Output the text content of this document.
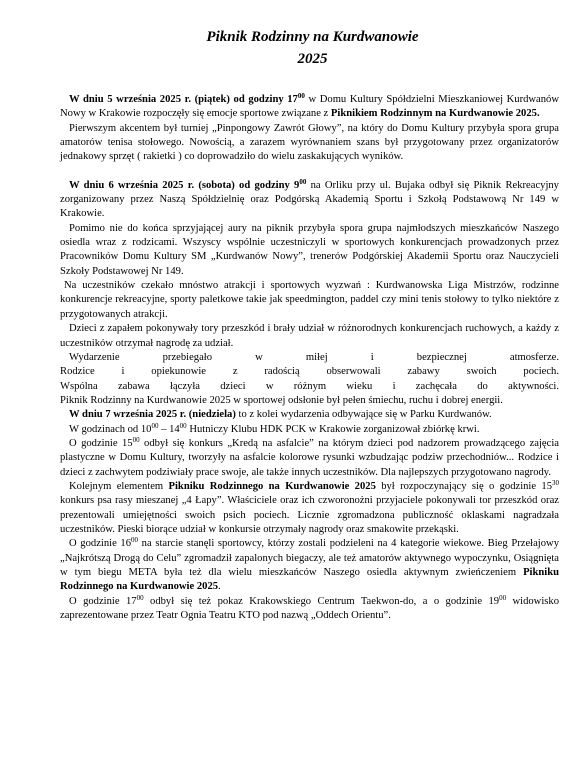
Piknik Rodzinny na Kurdwanowie
2025

W dniu 5 września 2025 r. (piątek) od godziny $17^{00}$ w Domu Kultury Spółdzielni Mieszkaniowej Kurdwanów Nowy w Krakowie rozpoczęły się emocje sportowe związane z Piknikiem Rodzinnym na Kurdwanowie 2025.

Pierwszym akcentem był turniej „Pinpongowy Zawrót Głowy”, na który do Domu Kultury przybyła spora grupa amatorów tenisa stołowego. Nowością, a zarazem wyrównaniem szans był przygotowany przez organizatorów jednakowy sprzęt ( rakietki ) co doprowadziło do wielu zaskakujących wyników.

W dniu 6 września 2025 r. (sobota) od godziny $9^{00}$ na Orliku przy ul. Bujaka odbył się Piknik Rekreacyjny zorganizowany przez Naszą Spółdzielnię oraz Podgórską Akademią Sportu i Szkołą Podstawową Nr 149 w Krakowie.

Pomimo nie do końca sprzyjającej aury na piknik przybyła spora grupa najmłodszych mieszkańców Naszego osiedla wraz z rodzicami. Wszyscy wspólnie uczestniczyli w sportowych konkurencjach prowadzonych przez Pracowników Domu Kultury SM „Kurdwanów Nowy”, trenerów Podgórskiej Akademii Sportu oraz Nauczycieli Szkoły Podstawowej Nr 149.

Na uczestników czekało mnóstwo atrakcji i sportowych wyzwań : Kurdwanowska Liga Mistrzów, rodzinne konkurencje rekreacyjne, sporty paletkowe takie jak speedmington, paddel czy mini tenis stołowy to tylko niektóre z przygotowanych atrakcji.

Dzieci z zapałem pokonywały tory przeszkód i brały udział w różnorodnych konkurencjach ruchowych, a każdy z uczestników otrzymał nagrodę za udział.

Wydarzenie przebiegało w miłej i bezpiecznej atmosferze.

Rodzice i opiekunowie z radością obserwowali zabawy swoich pociech.

Wspólna zabawa łączyła dzieci w różnym wieku i zachęcała do aktywności.

Piknik Rodzinny na Kurdwanowie 2025 w sportowej odsłonie był pełen śmiechu, ruchu i dobrej energii.

W dniu 7 września 2025 r. (niedziela) to z kolei wydarzenia odbywające się w Parku Kurdwanów.

W godzinach od $10^{00} - 14^{00}$ Hutniczy Klubu HDK PCK w Krakowie zorganizował zbiórkę krwi.

O godzinie $15^{00}$ odbył się konkurs „Kredą na asfalcie” na którym dzieci pod nadzorem prowadzącego zajęcia plastyczne w Domu Kultury, tworzyły na asfalcie kolorowe rysunki wzbudzając podziw przechodniów... Rodzice i dzieci z zachwytem podziwiały prace swoje, ale także innych uczestników. Dla najlepszych przygotowano nagrody.

Kolejnym elementem Pikniku Rodzinnego na Kurdwanowie 2025 był rozpoczynający się o godzinie $15^{30}$ konkurs psa rasy mieszanej „4 Łapy”. Właściciele oraz ich czworonożni przyjaciele pokonywali tor przeszkód oraz prezentowali umiejętności swoich psich pociech. Licznie zgromadzona publiczność oklaskami nagradzała uczestników. Pieski biorące udział w konkursie otrzymały nagrody oraz smakowite przekąski.

O godzinie $16^{00}$ na starcie stanęli sportowcy, którzy zostali podzieleni na 4 kategorie wiekowe. Bieg Przełajowy „Najkrótszą Drogą do Celu” zgromadził zapalonych biegaczy, ale też amatorów aktywnego wypoczynku, Osiągnięta w tym biegu META była też dla wielu mieszkańców Naszego osiedla aktywnym zwieńczeniem Pikniku Rodzinnego na Kurdwanowie 2025.

O godzinie $17^{00}$ odbył się też pokaz Krakowskiego Centrum Taekwon-do, a o godzinie $19^{00}$ widowisko zaprezentowane przez Teatr Ognia Teatru KTO pod nazwą „Oddech Orientu”.
